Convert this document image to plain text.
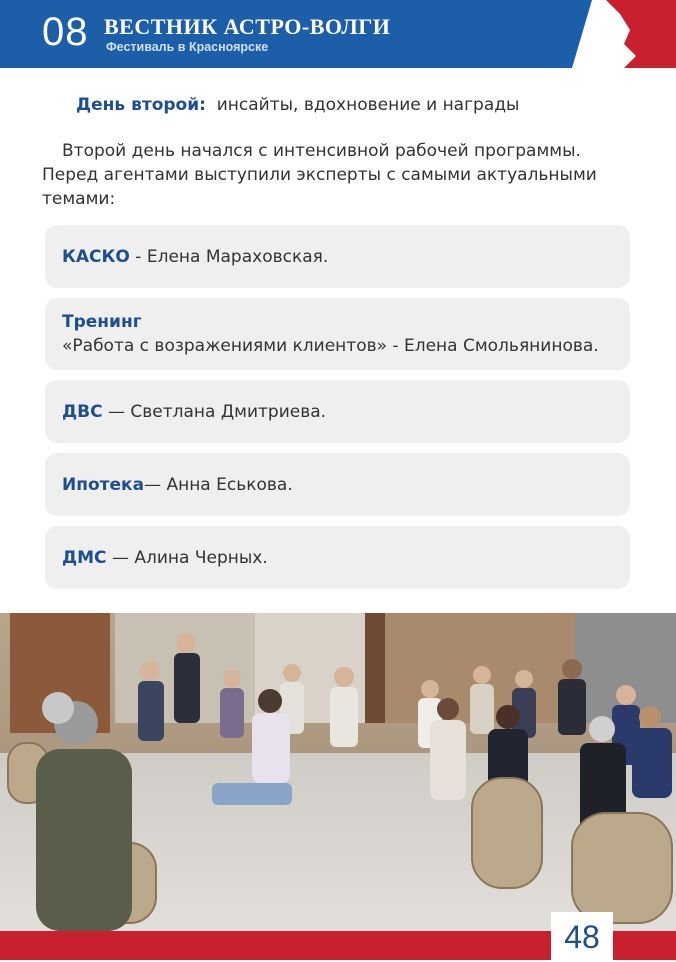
08 ВЕСТНИК АСТРО-ВОЛГИ
Фестиваль в Красноярске
День второй: инсайты, вдохновение и награды

Второй день начался с интенсивной рабочей программы. Перед агентами выступили эксперты с самыми актуальными темами:

КАСКО - Елена Мараховская.
Тренинг
«Работа с возражениями клиентов» - Елена Смольянинова.
ДВС — Светлана Дмитриева.
Ипотека— Анна Еськова.
ДМС — Алина Черных.
48
